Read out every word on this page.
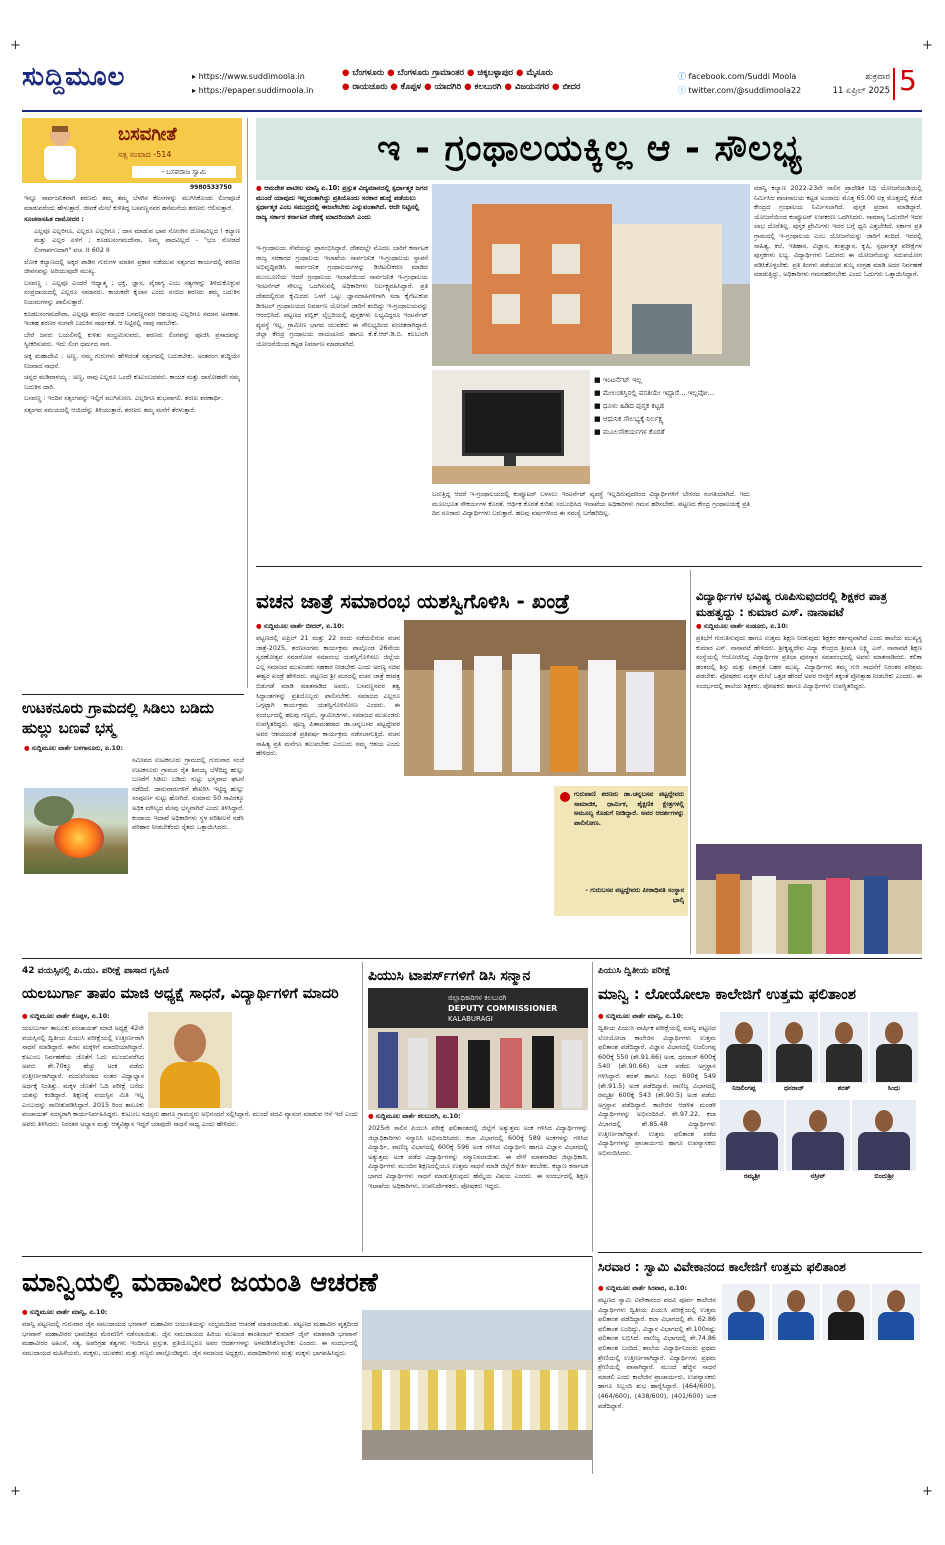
+	+
+	+
ಸುದ್ದಿಮೂಲ	▸ https://www.suddimoola.in
▸ https://epaper.suddimoola.in
● ಬೆಂಗಳೂರು ● ಬೆಂಗಳೂರು ಗ್ರಾಮಾಂತರ ● ಚಿಕ್ಕಬಳ್ಳಾಪುರ ● ಮೈಸೂರು
● ರಾಯಚೂರು ● ಕೊಪ್ಪಳ ● ಯಾದಗಿರಿ ● ಕಲಬುರಗಿ ● ವಿಜಯನಗರ ● ಬೀದರ
ⓕ facebook.com/Suddi Moola
ⓣ twitter.com/@suddimoola22
ಶುಕ್ರವಾರ
11 ಏಪ್ರಿಲ್ 2025 5
ಬಸವಗೀತೆ
ಸತ್ಸ ಸಂವಾದ -514
- ಬಸವರಾಜ ಸ್ವಾಮಿ
9980533750

ಇನ್ನೂ ಸಾರ್ವಜನಿಕವಾಗಿ ಶರಣರು ತಮ್ಮ ತಮ್ಮ ಬೆಳಗಿನ ಕೆಲಸಗಳನ್ನು ಮುಗಿಸಿಕೊಂಡು ಲಿಂಗಪೂಜೆ ಮಾಡುವರೆಂದು ಹೇಳುತ್ತಾರೆ. ಜೀವಕೆ ಮೇಲೆ ಕುಳಿತಿದ್ದ ಬಸವಣ್ಣನವರ ಹಸೆಮನೆಯ ಶರಣರು ಆಲಿಸುತ್ತಾರೆ.

ಸೂಚನಾಸಹಿತ ದಾಮೋದರ :

ಎಲ್ಲವೂ ಎಲ್ಲರಿಗೂ, ಎಲ್ಲರೂ ಎಲ್ಲರಿಗೂ ; ದಾಸ ಮಾಡುವ ಭಾವ ಸೋಂಗಿನ ದೋಷವಿಲ್ಲದ ! ಕಲ್ಯಾಣ ಮತ್ತು ಎಲ್ಲರ ಏಳಿಗೆ ; ಕೂಡಲಸಂಗಮದೇವಾ, ನಿಮ್ಮ ಪಾದವಿಲ್ಲದೆ - "ಭಜ ನೋಡದೆ ಲಿಂಗಾರ್ಪಣದಾಗಿ" ವಚ. II 602 II

ಲೋಕ ಕಲ್ಯಾಣದಲ್ಲಿ ಅಕ್ಕರ ಪಾಡಿನ ಗುರುಗಳ ಮಾತಿನ ಪ್ರಕಾರ ನಡೆಯುವ ಸತ್ಸಂಗದ ಕಾರ್ಯದಲ್ಲಿ ಶರಣರ ಜೀವನವನ್ನು ಅರಿಯುವುದೇ ಮುಖ್ಯ.

ಬಸವಣ್ಣ : ಎಲ್ಲವೂ ಎಂದರೆ ಆಧ್ಯಾತ್ಮ ; ಭಕ್ತಿ, ಜ್ಞಾನ, ವೈರಾಗ್ಯ ಎಂಬ ಸತ್ಯಗಳನ್ನು ತಿಳಿದುಕೊಳ್ಳುವ ಸಂಪ್ರದಾಯದಲ್ಲಿ ಎಲ್ಲರೂ ಸಮಾನರು. ಕಾಯಕವೇ ಕೈಲಾಸ ಎಂದು ನಂಬಿದ ಶರಣರು ತಮ್ಮ ಬದುಕಿನ ನಿಯಮಗಳನ್ನು ಪಾಲಿಸುತ್ತಾರೆ.

ಕೂಡಲಸಂಗಮದೇವಾ, ಎಲ್ಲವೂ ಶರಣರ ನಾಯಕ ಬಸವಣ್ಣನವರ ಆಶಯವು ಎಲ್ಲರಿಗೂ ಸಮಾನ ಅವಕಾಶ. ಇಂತಹ ಶರಣರ ಸಂಗವೇ ಬದುಕಿನ ಸಾರ್ಥಕತೆ. ಆ ನಿಟ್ಟಿನಲ್ಲಿ ನಾವು ಸಾಗಬೇಕು.

ಬೇರೆ ಜನರು ಬಯಲಿನಲ್ಲಿ ಕುಳಿತು ಸಂಭ್ರಮಿಸುವರು, ಶರಣರು ಲಿಂಗವನ್ನು ಪೂಜಿಸಿ ಪ್ರಸಾದವನ್ನು ಸ್ವೀಕರಿಸುವರು. ಇದು ಲಿಂಗ ಧರ್ಮದ ಸಾರ.

ಅಕ್ಕ ಮಹಾದೇವಿ : ಅಣ್ಣ, ನಮ್ಮ ಗುರುಗಳು ಹೇಳಿದಂತೆ ಸತ್ಸಂಗದಲ್ಲಿ ಬದುಕಬೇಕು. ಅಂತರಂಗ ಶುದ್ಧಿಯೇ ನಿಜವಾದ ಸಾಧನೆ.

ಚನ್ನದ ಮಡಿವಾಳಯ್ಯ : ಅಣ್ಣ, ನಾವು ಎಲ್ಲರೂ ಒಂದೇ ಕುಟುಂಬದವರು. ಕಾಯಕ ಮತ್ತು ದಾಸೋಹವೇ ನಮ್ಮ ಬದುಕಿನ ದಾರಿ.

ಬಸವಣ್ಣ : ಇಂದಿನ ಸತ್ಸಂಗವನ್ನು ಇಲ್ಲಿಗೆ ಮುಗಿಸೋಣ. ಎಲ್ಲರಿಗೂ ಶುಭವಾಗಲಿ. ಶರಣು ಶರಣಾರ್ಥಿ.

ಸತ್ಸಂಗದ ಸಮಯದಲ್ಲಿ ಆಯಿದೆನ್ನು ತಿಳಿಯುತ್ತಾರೆ, ಶರಣರು ತಮ್ಮ ಮನೆಗೆ ತೆರಳುತ್ತಾರೆ.

ಉಟಕನೂರು ಗ್ರಾಮದಲ್ಲಿ ಸಿಡಿಲು ಬಡಿದು ಹುಲ್ಲು ಬಣವೆ ಭಸ್ಮ
● ಸುದ್ದಿಮೂಲ ವಾರ್ತೆ ಬಳಗಾನೂರು, ಏ.10:
ಸಮೀಪದ ಉಟಕನೂರು ಗ್ರಾಮದಲ್ಲಿ ಗುರುವಾರ ಸಂಜೆ ಉಟಕನೂರು ಗ್ರಾಮದ ರೈತ ಶಿವಯ್ಯ ಬೆಳೆದಿದ್ದ ಹುಲ್ಲು ಬಣವೆಗೆ ಸಿಡಿಲು ಬಡಿದು ಸುಟ್ಟು ಭಸ್ಮವಾದ ಘಟನೆ ನಡೆದಿದೆ. ಜಾನುವಾರುಗಳಿಗೆ ಶೇಖರಿಸಿ ಇಟ್ಟಿದ್ದ ಹುಲ್ಲು ಸಂಪೂರ್ಣ ಸುಟ್ಟು ಹೋಗಿದೆ. ಸುಮಾರು 50 ಸಾವಿರಕ್ಕೂ ಅಧಿಕ ಮೌಲ್ಯದ ಮೇವು ಭಸ್ಮವಾಗಿದೆ ಎಂದು ತಿಳಿಸಿದ್ದಾರೆ. ಕಂದಾಯ ಇಲಾಖೆ ಅಧಿಕಾರಿಗಳು ಸ್ಥಳ ಪರಿಶೀಲನೆ ನಡೆಸಿ ಪರಿಹಾರ ನೀಡಬೇಕೆಂದು ರೈತರು ಒತ್ತಾಯಿಸಿದರು.
ಇ - ಗ್ರಂಥಾಲಯಕ್ಕಿಲ್ಲ ಆ - ಸೌಲಭ್ಯ
● ಆಮರೇಶ ಪಾಟೀಲ ಮಾನ್ವಿ ಏ.10: ಪ್ರಸ್ತುತ ವಿದ್ಯಮಾನದಲ್ಲಿ ಸ್ಪರ್ಧಾತ್ಮಕ ಜಗದ ಮುಂದೆ ಯಾವುದು ಇಲ್ಲದಂತಾಗಿದ್ದು ಪ್ರತಿಯೊಂದು ಸರಕಾರ ಹುದ್ದೆ ಪಡೆಯಲು ಸ್ಪರ್ಧಾತ್ಮಕ ಎಂಬ ಸಮುದ್ರದಲ್ಲಿ ಈಜಲೇಬೇಕು ಎನ್ನುವಂತಾಗಿದೆ. ಆದೇ ನಿಟ್ಟಿನಲ್ಲಿ ರಾಜ್ಯ ಸರ್ಕಾರ ಕರ್ನಾಟಕ ದೇಶಕ್ಕೆ ಮಾದರಿಯಾಗಿ ಎಂದು
ಇ-ಗ್ರಂಥಾಲಯ ಸೇವೆಯನ್ನು ಪ್ರಾರಂಭಿಸಿದ್ದಾರೆ. ದೇಶದಲ್ಲೇ ಮೊದಲ ಬಾರಿಗೆ ಕರ್ನಾಟಕ ರಾಜ್ಯ ಸರಕಾರದ ಗ್ರಂಥಾಲಯ ಇಲಾಖೆಯ ಸಾರ್ವಜನಿಕ ಇ-ಗ್ರಂಥಾಲಯ ಸ್ಥಾಪನೆ ಅಭಿವೃದ್ಧಿಪಡಿಸಿ ಸಾರ್ವಜನಿಕ ಗ್ರಂಥಾಲಯಗಳನ್ನು ಡಿಜಿಟಲೀಕರಣ ಮಾಡಿದ ಮುಂಬೂಣಿಯ ಆದರೆ ಗ್ರಂಥಾಲಯ ಇಲಾಖೆಯಿಂದ ಸಾರ್ವಜನಿಕ ಇ-ಗ್ರಂಥಾಲಯ ಇಂಟರ್ನೆಟ್ ಸೌಲಭ್ಯ ಒದಗಿಸುವಲ್ಲಿ ಅಧಿಕಾರಿಗಳು ನಿರ್ಲಕ್ಷ್ಯವಹಿಸಿದ್ದಾರೆ. ಪ್ರತಿ ದೇಶದಲ್ಲಿರುವ ಕೈಮಿದರು ಒಳಗೆ ಒಟ್ಟು ಜ್ಞಾನದಾಹಿಗಳಿಗಾಗಿ ಸದಾ ಕೈಗೆಟುಕುವ ಡಿಜಿಟಲ್ ಗ್ರಂಥಾಲಯದ ನಿರ್ಮಾಣ ಯೋಜನೆ ಜಾರಿಗೆ ತಂದಿದ್ದು ಇ-ಗ್ರಂಥಾಲಯವನ್ನು ಆರಂಭಿಸಿದೆ. ಪಟ್ಟಣದ ಪಬ್ಲಿಕ್ ಲೈಬ್ರರಿಯಲ್ಲಿ ಪುಸ್ತಕಗಳು ಲಭ್ಯವಿದ್ದರೂ ಇಂಟರ್ನೆಟ್ ವ್ಯವಸ್ಥೆ ಇಲ್ಲ. ಗ್ರಾಮೀಣ ಭಾಗದ ಯುವಕರು ಈ ಸೌಲಭ್ಯದಿಂದ ವಂಚಿತರಾಗಿದ್ದಾರೆ. ಜಿಲ್ಲಾ ಕೇಂದ್ರ ಗ್ರಂಥಾಲಯ ರಾಯಚೂರು ಹಾಗೂ ಕೆ.ಕೆ.ಆರ್.ಡಿ.ಬಿ. ಕಲಬುರಗಿ ಯೋಜನೆಯಿಂದ ಕಟ್ಟಡ ನಿರ್ಮಾಣ ಮಾಡಲಾಗಿದೆ.
■ ಇಂಟರ್ನೆಟ್ ಇಲ್ಲ
■ ಮೇಲಂತಸ್ತಿನಲ್ಲಿ ವಸತಿಯೇ ಇದ್ದಾರೆ... ಇಲ್ಲವೋ...
■ ಧೂಳು ಹಿಡಿದ ಪುಸ್ತಕ ಕಟ್ಟಡ
■ ಆಧುನಿಕ ಸೌಲಭ್ಯಕ್ಕೆ ನಿರ್ಲಕ್ಷ್ಯ
■ ಮೂಲಸೌಕರ್ಯಗಳ ಕೊರತೆ
ಬರುತ್ತಿದ್ದ ಆದರೆ ಇ-ಗ್ರಂಥಾಲಯದಲ್ಲಿ ಕಂಪ್ಯೂಟರ್ ಬಳಸಲು ಇಂಟರ್ನೆಟ್ ವ್ಯವಸ್ಥೆ ಇಲ್ಲದಿರುವುದರಿಂದ ವಿದ್ಯಾರ್ಥಿಗಳಿಗೆ ಬೇಸರದ ಸಂಗತಿಯಾಗಿದೆ. ಇದು ಮೂಲಭೂತ ಸೌಕರ್ಯಗಳ ಕೊರತೆ. ಆರ್ಥಿಕ ಕೊರತೆ ಕುರಿತು ಸಂಬಂಧಿಸಿದ ಇಲಾಖೆಯ ಅಧಿಕಾರಿಗಳು ಗಮನ ಹರಿಸಬೇಕು. ಪಟ್ಟಣದ ಕೇಂದ್ರ ಗ್ರಂಥಾಲಯಕ್ಕೆ ಪ್ರತಿ ದಿನ ನೂರಾರು ವಿದ್ಯಾರ್ಥಿಗಳು ಬರುತ್ತಾರೆ. ಹಲವು ವರ್ಷಗಳಿಂದ ಈ ಸಮಸ್ಯೆ ಬಗೆಹರಿದಿಲ್ಲ.
ಮಾನ್ವಿ ಕಲ್ಯಾಣ 2022-23ನೇ ಸಾಲಿನ ಪ್ರಾದೇಶಿಕ ನಿಧಿ ಯೋಜನೆಯಡಿಯಲ್ಲಿ ನಿರ್ಮಿಸಿದ ವಾಚನಾಲಯ ಕಟ್ಟಡ ಅಂದಾಜು ಮೊತ್ತ 65.00 ಲಕ್ಷ ಮೊತ್ತದಲ್ಲಿ ಕೆಪಿಜಿ ಕೇಂದ್ರದ ಗ್ರಂಥಾಲಯ ನಿರ್ಮಿಸಲಾಗಿದೆ. ಪುಸ್ತಕ ಪ್ರದಾನ ಮಾಡಿದ್ದಾರೆ. ಯೋಜನೆಯಿಂದ ಕಂಪ್ಯೂಟರ್ ಉಪಕರಣ ಒದಗಿಸಿದರು. ಸಾಮಾನ್ಯ ಓದುಗರಿಗೆ ಇದರ ಲಾಭ ದೊರೆತಿಲ್ಲ. ಪುಸ್ತಕ ಪ್ರೇಮಿಗಳು ಇದರ ಬಗ್ಗೆ ಧ್ವನಿ ಎತ್ತಬೇಕಿದೆ. ಸರ್ಕಾರ ಪ್ರತಿ ಗ್ರಾಮದಲ್ಲಿ ಇ-ಗ್ರಂಥಾಲಯ ಎಂಬ ಯೋಜನೆಯನ್ನು ಜಾರಿಗೆ ತಂದಿದೆ. ಇದರಲ್ಲಿ ಸಾಹಿತ್ಯ, ಕಲೆ, ಇತಿಹಾಸ, ವಿಜ್ಞಾನ, ತಂತ್ರಜ್ಞಾನ, ಕೃಷಿ, ಸ್ಪರ್ಧಾತ್ಮಕ ಪರೀಕ್ಷೆಗಳ ಪುಸ್ತಕಗಳು ಲಭ್ಯ. ವಿದ್ಯಾರ್ಥಿಗಳು ಓದುಗರು ಈ ಯೋಜನೆಯನ್ನು ಸದುಪಯೋಗ ಪಡಿಸಿಕೊಳ್ಳಬೇಕು. ಪ್ರತಿ ತಿಂಗಳು ಪಡೆಯುವ ಶುಲ್ಕ ಸಂಗ್ರಹ ಮಾಡಿ ಅದರ ನಿರ್ವಹಣೆ ಮಾಡುತ್ತಿದ್ದು, ಅಧಿಕಾರಿಗಳು ಗಮನಹರಿಸಬೇಕು ಎಂದು ಓದುಗರು ಒತ್ತಾಯಿಸಿದ್ದಾರೆ.
ವಚನ ಜಾತ್ರೆ ಸಮಾರಂಭ ಯಶಸ್ವಿಗೊಳಿಸಿ - ಖಂಡ್ರೆ
● ಸುದ್ದಿಮೂಲ ವಾರ್ತೆ ಬೀದರ್, ಏ.10:
ಪಟ್ಟಣದಲ್ಲಿ ಏಪ್ರಿಲ್ 21 ಮತ್ತು 22 ರಂದು ನಡೆಯಲಿರುವ ವಚನ ಜಾತ್ರೆ-2025, ಶರಣಸಂಗಮ ಕಾರ್ಯಕ್ರಮ ಪಾಲ್ಗೊಂಡ 26ನೇಯ ಸ್ವರಣೋತ್ಸವ ಸಮಾರೋಪ ಸಮಾರಂಭ ಯಶಸ್ವಿಗೊಳಿಸಲು ಜಿಲ್ಲೆಯ ಎಲ್ಲ ಸಮಾಜದ ಮುಖಂಡರು ಸಹಕಾರ ನೀಡಬೇಕು ಎಂದು ಅರಣ್ಯ ಸಚಿವ ಈಶ್ವರ ಖಂಡ್ರೆ ಹೇಳಿದರು. ಪಟ್ಟಣದ ಶ್ರೀ ಮಠದಲ್ಲಿ ವಚನ ಜಾತ್ರೆ ಕರಪತ್ರ ಬಿಡುಗಡೆ ಮಾಡಿ ಮಾತನಾಡಿದ ಅವರು, ಬಸವಣ್ಣನವರ ತತ್ವ ಸಿದ್ಧಾಂತಗಳನ್ನು ಪ್ರತಿಯೊಬ್ಬರು ಪಾಲಿಸಬೇಕು. ಸಮಾಜದ ಎಲ್ಲರೂ ಒಗ್ಗಟ್ಟಾಗಿ ಕಾರ್ಯಕ್ರಮ ಯಶಸ್ವಿಗೊಳಿಸೋಣ ಎಂದರು. ಈ ಸಂದರ್ಭದಲ್ಲಿ ಹಲವು ಗಣ್ಯರು, ಸ್ವಾಮೀಜಿಗಳು, ಸಮಾಜದ ಮುಖಂಡರು ಉಪಸ್ಥಿತರಿದ್ದರು. ಪೂಜ್ಯ ಪಿತಾಮಹರಾದ ಡಾ.ಚನ್ನಬಸವ ಪಟ್ಟದ್ದೇವರ ಅವರ ಆಶಯದಂತೆ ಪ್ರತಿವರ್ಷ ಕಾರ್ಯಕ್ರಮ ನಡೆಸಲಾಗುತ್ತಿದೆ. ವಚನ ಸಾಹಿತ್ಯ ಪ್ರತಿ ಮನೆಗೂ ತಲುಪಬೇಕು ಎಂಬುದು ನಮ್ಮ ಆಶಯ ಎಂದು ಹೇಳಿದರು.
ಗುರುವಾಣಿ ಶರಣರು ಡಾ.ಚನ್ನಬಸವ ಪಟ್ಟದ್ದೇವರು ಸಾಮಾಜಿಕ, ಧಾರ್ಮಿಕ, ಶೈಕ್ಷಣಿಕ ಕ್ಷೇತ್ರಗಳಲ್ಲಿ ಅಮೂಲ್ಯ ಕೊಡುಗೆ ನೀಡಿದ್ದಾರೆ. ಅವರ ಆದರ್ಶಗಳನ್ನು ಪಾಲಿಸೋಣ.
- ಗುರುಬಸವ ಪಟ್ಟದ್ದೇವರು ಪೀಠಾಧಿಪತಿ ಸಂಸ್ಥಾನ ಭಾಲ್ಕಿ
ವಿದ್ಯಾರ್ಥಿಗಳ ಭವಿಷ್ಯ ರೂಪಿಸುವುದರಲ್ಲಿ ಶಿಕ್ಷಕರ ಪಾತ್ರ ಮಹತ್ವದ್ದು : ಕುಮಾರ ಎಸ್. ನಾನಾವಟೆ
● ಸುದ್ದಿಮೂಲ ವಾರ್ತೆ ಸಂಡೂರು, ಏ.10:
ಪ್ರತಿಭೆಗೆ ಗುರುತಿಸುವುದು ಹಾಗೂ ಉತ್ತಮ ಶಿಕ್ಷಣ ನೀಡುವುದು ಶಿಕ್ಷಕರ ಕರ್ತವ್ಯವಾಗಿದೆ ಎಂದು ಶಾಲೆಯ ಮುಖ್ಯಸ್ಥ ಕುಮಾರ ಎಸ್. ನಾನಾವಟೆ ಹೇಳಿದರು. ಶ್ರೀಕೃಷ್ಣದೇವ ವಿದ್ಯಾ ಕೇಂದ್ರದ ಶ್ರೀಮತಿ ಲಕ್ಷ್ಮಿ ಎನ್. ನಾನಾವಟೆ ಶಿಕ್ಷಣ ಸಂಸ್ಥೆಯಲ್ಲಿ ಆಯೋಜಿಸಿದ್ದ ವಿದ್ಯಾರ್ಥಿಗಳ ಪ್ರತಿಭಾ ಪುರಸ್ಕಾರ ಸಮಾರಂಭದಲ್ಲಿ ಅವರು ಮಾತನಾಡಿದರು. ಕಲಿಕಾ ಹಂತದಲ್ಲಿ ಶಿಸ್ತು ಮತ್ತು ಏಕಾಗ್ರತೆ ಬಹಳ ಮುಖ್ಯ. ವಿದ್ಯಾರ್ಥಿಗಳು ತಮ್ಮ ಗುರಿ ಸಾಧನೆಗೆ ನಿರಂತರ ಪರಿಶ್ರಮ ಪಡಬೇಕು. ಪೋಷಕರು ಮಕ್ಕಳ ಮೇಲೆ ಒತ್ತಡ ಹೇರದೆ ಅವರ ಆಸಕ್ತಿಗೆ ತಕ್ಕಂತೆ ಪ್ರೋತ್ಸಾಹ ನೀಡಬೇಕು ಎಂದರು. ಈ ಸಂದರ್ಭದಲ್ಲಿ ಶಾಲೆಯ ಶಿಕ್ಷಕರು, ಪೋಷಕರು ಹಾಗೂ ವಿದ್ಯಾರ್ಥಿಗಳು ಉಪಸ್ಥಿತರಿದ್ದರು.
42 ವಯಸ್ಸಿನಲ್ಲಿ ಪಿ.ಯು. ಪರೀಕ್ಷೆ ಪಾಸಾದ ಗೃಹಿಣಿ
ಯಲಬುರ್ಗಾ ತಾಪಂ ಮಾಜಿ ಅಧ್ಯಕ್ಷೆ ಸಾಧನೆ, ವಿದ್ಯಾರ್ಥಿಗಳಿಗೆ ಮಾದರಿ
● ಸುದ್ದಿಮೂಲ ವಾರ್ತೆ ಕೊಪ್ಪಳ, ಏ.10:
ಯಲಬುರ್ಗಾ ತಾಲೂಕು ಪಂಚಾಯತ್ ಮಾಜಿ ಅಧ್ಯಕ್ಷೆ 42ನೇ ವಯಸ್ಸಿನಲ್ಲಿ ದ್ವಿತೀಯ ಪಿಯುಸಿ ಪರೀಕ್ಷೆಯಲ್ಲಿ ಉತ್ತೀರ್ಣರಾಗಿ ಸಾಧನೆ ಮಾಡಿದ್ದಾರೆ. ಈಗಿನ ಮಕ್ಕಳಿಗೆ ಮಾದರಿಯಾಗಿದ್ದಾರೆ. ಕುಟುಂಬ ನಿರ್ವಹಣೆಯ ಜೊತೆಗೆ ಓದು ಮುಂದುವರೆಸಿದ ಅವರು ಶೇ.70ಕ್ಕೂ ಹೆಚ್ಚು ಅಂಕ ಪಡೆದು ಉತ್ತೀರ್ಣರಾಗಿದ್ದಾರೆ. ಮದುವೆಯಾದ ನಂತರ ವಿದ್ಯಾಭ್ಯಾಸ ಅರ್ಧಕ್ಕೆ ನಿಂತಿತ್ತು. ಮಕ್ಕಳ ಜೊತೆಗೆ ಓದಿ ಪರೀಕ್ಷೆ ಬರೆದು ಯಶಸ್ಸು ಕಂಡಿದ್ದಾರೆ. ಶಿಕ್ಷಣಕ್ಕೆ ವಯಸ್ಸಿನ ಮಿತಿ ಇಲ್ಲ ಎಂಬುದನ್ನು ಸಾಬೀತುಪಡಿಸಿದ್ದಾರೆ. 2015 ರಿಂದ ತಾಲೂಕು ಪಂಚಾಯತ್ ಸದಸ್ಯರಾಗಿ ಕಾರ್ಯನಿರ್ವಹಿಸಿದ್ದರು. ಕುಟುಂಬ ಸದಸ್ಯರು ಹಾಗೂ ಗ್ರಾಮಸ್ಥರು ಅಭಿನಂದನೆ ಸಲ್ಲಿಸಿದ್ದಾರೆ. ಮುಂದೆ ಪದವಿ ವ್ಯಾಸಂಗ ಮಾಡುವ ಆಸೆ ಇದೆ ಎಂದು ಅವರು ತಿಳಿಸಿದರು. ನಿರಂತರ ಅಭ್ಯಾಸ ಮತ್ತು ಆತ್ಮವಿಶ್ವಾಸ ಇದ್ದರೆ ಯಾವುದೇ ಸಾಧನೆ ಸಾಧ್ಯ ಎಂದು ಹೇಳಿದರು.
ಪಿಯುಸಿ ಟಾಪರ್ಸ್‌ಗಳಿಗೆ ಡಿಸಿ ಸನ್ಮಾನ
ಜಿಲ್ಲಾಧಿಕಾರಿಗಳ ಕಲಬುರಗಿ
DEPUTY COMMISSIONER
KALABURAGI
● ಸುದ್ದಿಮೂಲ ವಾರ್ತೆ ಕಲಬುರಗಿ, ಏ.10:
2025ನೇ ಸಾಲಿನ ಪಿಯುಸಿ ಪರೀಕ್ಷೆ ಫಲಿತಾಂಶದಲ್ಲಿ ಜಿಲ್ಲೆಗೆ ಅತ್ಯುತ್ತಮ ಅಂಕ ಗಳಿಸಿದ ವಿದ್ಯಾರ್ಥಿಗಳನ್ನು ಜಿಲ್ಲಾಧಿಕಾರಿಗಳು ಸನ್ಮಾನಿಸಿ ಅಭಿನಂದಿಸಿದರು. ಕಲಾ ವಿಭಾಗದಲ್ಲಿ 600ಕ್ಕೆ 589 ಅಂಕಗಳನ್ನು ಗಳಿಸಿದ ವಿದ್ಯಾರ್ಥಿ, ವಾಣಿಜ್ಯ ವಿಭಾಗದಲ್ಲಿ 600ಕ್ಕೆ 596 ಅಂಕ ಗಳಿಸಿದ ವಿದ್ಯಾರ್ಥಿನಿ ಹಾಗೂ ವಿಜ್ಞಾನ ವಿಭಾಗದಲ್ಲಿ ಅತ್ಯುತ್ತಮ ಅಂಕ ಪಡೆದ ವಿದ್ಯಾರ್ಥಿಗಳನ್ನು ಸನ್ಮಾನಿಸಲಾಯಿತು. ಈ ವೇಳೆ ಮಾತನಾಡಿದ ಜಿಲ್ಲಾಧಿಕಾರಿ, ವಿದ್ಯಾರ್ಥಿಗಳು ಮುಂದಿನ ಶಿಕ್ಷಣದಲ್ಲಿಯೂ ಉತ್ತಮ ಸಾಧನೆ ಮಾಡಿ ಜಿಲ್ಲೆಗೆ ಕೀರ್ತಿ ತರಬೇಕು. ಕಲ್ಯಾಣ ಕರ್ನಾಟಕ ಭಾಗದ ವಿದ್ಯಾರ್ಥಿಗಳು ಸಾಧನೆ ಮಾಡುತ್ತಿರುವುದು ಹೆಮ್ಮೆಯ ವಿಷಯ ಎಂದರು. ಈ ಸಂದರ್ಭದಲ್ಲಿ ಶಿಕ್ಷಣ ಇಲಾಖೆಯ ಅಧಿಕಾರಿಗಳು, ಉಪನಿರ್ದೇಶಕರು, ಪೋಷಕರು ಇದ್ದರು.
ಪಿಯುಸಿ ದ್ವಿತೀಯ ಪರೀಕ್ಷೆ
ಮಾನ್ವಿ : ಲೋಯೋಲಾ ಕಾಲೇಜಿಗೆ ಉತ್ತಮ ಫಲಿತಾಂಶ
● ಸುದ್ದಿಮೂಲ ವಾರ್ತೆ ಮಾನ್ವಿ, ಏ.10:
ದ್ವಿತೀಯ ಪಿಯುಸಿ ವಾರ್ಷಿಕ ಪರೀಕ್ಷೆಯಲ್ಲಿ ಮಾನ್ವಿ ಪಟ್ಟಣದ ಲೋಯೋಲಾ ಕಾಲೇಜಿನ ವಿದ್ಯಾರ್ಥಿಗಳು ಉತ್ತಮ ಫಲಿತಾಂಶ ಪಡೆದಿದ್ದಾರೆ. ವಿಜ್ಞಾನ ವಿಭಾಗದಲ್ಲಿ ನಿಜಲಿಂಗಪ್ಪ 600ಕ್ಕೆ 550 (ಶೇ.91.66) ಅಂಕ, ಧನರಾಜ್ 600ಕ್ಕೆ 540 (ಶೇ.90.66) ಅಂಕ ಪಡೆದು ಅಗ್ರಸ್ಥಾನ ಗಳಿಸಿದ್ದಾರೆ. ಶರತ್ ಹಾಗೂ ಸಿಂಧು 600ಕ್ಕೆ 549 (ಶೇ.91.5) ಅಂಕ ಪಡೆದಿದ್ದಾರೆ. ವಾಣಿಜ್ಯ ವಿಭಾಗದಲ್ಲಿ ರಮ್ಯಶ್ರೀ 600ಕ್ಕೆ 543 (ಶೇ.90.5) ಅಂಕ ಪಡೆದು ಅಗ್ರಸ್ಥಾನ ಪಡೆದಿದ್ದಾರೆ. ಕಾಲೇಜಿನ ಆಡಳಿತ ಮಂಡಳಿ ವಿದ್ಯಾರ್ಥಿಗಳನ್ನು ಅಭಿನಂದಿಸಿದೆ. ಶೇ.97.22, ಕಲಾ ವಿಭಾಗದಲ್ಲಿ ಶೇ.85.48 ವಿದ್ಯಾರ್ಥಿಗಳು ಉತ್ತೀರ್ಣರಾಗಿದ್ದಾರೆ. ಉತ್ತಮ ಫಲಿತಾಂಶ ಪಡೆದ ವಿದ್ಯಾರ್ಥಿಗಳನ್ನು ಪ್ರಾಚಾರ್ಯರು ಹಾಗೂ ಉಪನ್ಯಾಸಕರು ಅಭಿನಂದಿಸಿದರು.
ನಿಜಲಿಂಗಪ್ಪ	ಧನರಾಜ್	ಶರತ್	ಸಿಂಧು
ರಮ್ಯಶ್ರೀ	ನಸ್ರೀನ್	ಬಿಂದುಶ್ರೀ
ಸಿರವಾರ : ಸ್ವಾಮಿ ವಿವೇಕಾನಂದ ಕಾಲೇಜಿಗೆ ಉತ್ತಮ ಫಲಿತಾಂಶ
● ಸುದ್ದಿಮೂಲ ವಾರ್ತೆ ಸಿರವಾರ, ಏ.10:
ಪಟ್ಟಣದ ಸ್ವಾಮಿ ವಿವೇಕಾನಂದ ಪದವಿ ಪೂರ್ವ ಕಾಲೇಜಿನ ವಿದ್ಯಾರ್ಥಿಗಳು ದ್ವಿತೀಯ ಪಿಯುಸಿ ಪರೀಕ್ಷೆಯಲ್ಲಿ ಉತ್ತಮ ಫಲಿತಾಂಶ ಪಡೆದಿದ್ದಾರೆ. ಕಲಾ ವಿಭಾಗದಲ್ಲಿ ಶೇ. 62.86 ಫಲಿತಾಂಶ ಬಂದಿದ್ದು, ವಿಜ್ಞಾನ ವಿಭಾಗದಲ್ಲಿ ಶೇ.100ರಷ್ಟು ಫಲಿತಾಂಶ ಲಭಿಸಿದೆ. ವಾಣಿಜ್ಯ ವಿಭಾಗದಲ್ಲಿ ಶೇ.74.86 ಫಲಿತಾಂಶ ಬಂದಿದೆ. ಶಾಲೆಯ ವಿದ್ಯಾರ್ಥಿನಿಯರು ಪ್ರಥಮ ಶ್ರೇಣಿಯಲ್ಲಿ ಉತ್ತೀರ್ಣರಾಗಿದ್ದಾರೆ. ವಿದ್ಯಾರ್ಥಿಗಳು ಪ್ರಥಮ ಶ್ರೇಣಿಯಲ್ಲಿ ಪಾಸಾಗಿದ್ದಾರೆ. ಮುಂದೆ ಹೆಚ್ಚಿನ ಸಾಧನೆ ಮಾಡಲಿ ಎಂದು ಕಾಲೇಜಿನ ಪ್ರಾಚಾರ್ಯರು, ಉಪನ್ಯಾಸಕರು ಹಾಗೂ ಸಿಬ್ಬಂದಿ ಶುಭ ಹಾರೈಸಿದ್ದಾರೆ. (464/600), (464/600), (438/600), (401/600) ಅಂಕ ಪಡೆದಿದ್ದಾರೆ.
ಮಾನ್ವಿಯಲ್ಲಿ ಮಹಾವೀರ ಜಯಂತಿ ಆಚರಣೆ
● ಸುದ್ದಿಮೂಲ ವಾರ್ತೆ ಮಾನ್ವಿ, ಏ.10:
ಮಾನ್ವಿ ಪಟ್ಟಣದಲ್ಲಿ ಗುರುವಾರ ಜೈನ ಸಮುದಾಯದ ಭಗವಾನ್ ಮಹಾವೀರ ಜಯಂತಿಯನ್ನು ಸಂಭ್ರಮದಿಂದ ಆಚರಣೆ ಮಾಡಲಾಯಿತು. ಪಟ್ಟಣದ ಮಹಾವೀರ ವೃತ್ತದಿಂದ ಭಗವಾನ್ ಮಹಾವೀರರ ಭಾವಚಿತ್ರದ ಮೆರವಣಿಗೆ ನಡೆಸಲಾಯಿತು. ಜೈನ ಸಮುದಾಯದ ಹಿರಿಯ ಮುಖಂಡ ಶಾಂತಿಲಾಲ್ ಕುಮಾರ್ ಜೈನ್ ಮಾತನಾಡಿ ಭಗವಾನ್ ಮಹಾವೀರರ ಅಹಿಂಸೆ, ಸತ್ಯ, ಅಪರಿಗ್ರಹ ತತ್ವಗಳು ಇಂದಿಗೂ ಪ್ರಸ್ತುತ. ಪ್ರತಿಯೊಬ್ಬರೂ ಅವರ ಆದರ್ಶಗಳನ್ನು ಅಳವಡಿಸಿಕೊಳ್ಳಬೇಕು ಎಂದರು. ಈ ಸಂದರ್ಭದಲ್ಲಿ ಸಮುದಾಯದ ಮಹಿಳೆಯರು, ಮಕ್ಕಳು, ಯುವಕರು ಮತ್ತು ಗಣ್ಯರು ಪಾಲ್ಗೊಂಡಿದ್ದರು. ಜೈನ ಸಮಾಜದ ಅಧ್ಯಕ್ಷರು, ಪದಾಧಿಕಾರಿಗಳು ಮತ್ತು ಮಕ್ಕಳು ಭಾಗವಹಿಸಿದ್ದರು.
